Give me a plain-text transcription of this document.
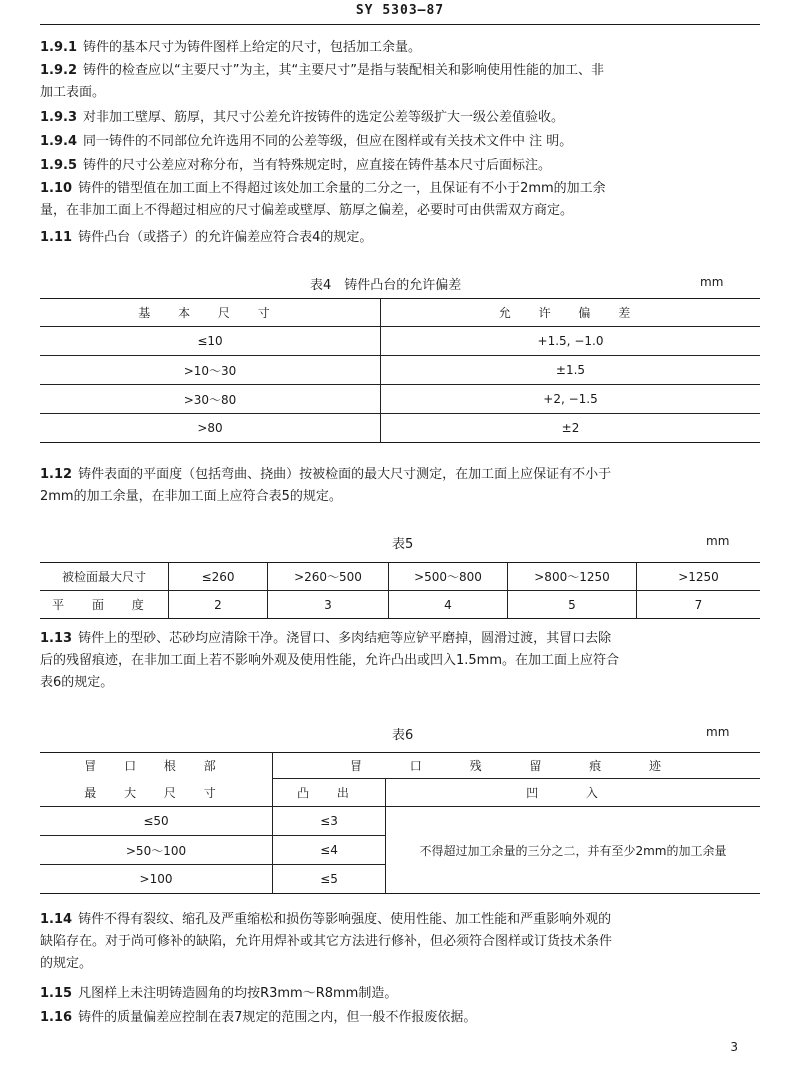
SY 5303—87
1.9.1 铸件的基本尺寸为铸件图样上给定的尺寸，包括加工余量。
1.9.2 铸件的检查应以“主要尺寸”为主，其“主要尺寸”是指与装配相关和影响使用性能的加工、非
加工表面。
1.9.3 对非加工壁厚、筋厚，其尺寸公差允许按铸件的选定公差等级扩大一级公差值验收。
1.9.4 同一铸件的不同部位允许选用不同的公差等级，但应在图样或有关技术文件中 注 明。
1.9.5 铸件的尺寸公差应对称分布，当有特殊规定时，应直接在铸件基本尺寸后面标注。
1.10 铸件的错型值在加工面上不得超过该处加工余量的二分之一，且保证有不小于2mm的加工余
量，在非加工面上不得超过相应的尺寸偏差或壁厚、筋厚之偏差，必要时可由供需双方商定。
1.11 铸件凸台（或搭子）的允许偏差应符合表4的规定。
表4　铸件凸台的允许偏差	mm
基 本 尺 寸	允 许 偏 差
≤10	+1.5, −1.0
>10～30	±1.5
>30～80	+2, −1.5
>80	±2
1.12 铸件表面的平面度（包括弯曲、挠曲）按被检面的最大尺寸测定，在加工面上应保证有不小于
2mm的加工余量，在非加工面上应符合表5的规定。
表5	mm
被检面最大尺寸	≤260	>260～500	>500～800	>800～1250	>1250
平 面 度	2	3	4	5	7
1.13 铸件上的型砂、芯砂均应清除干净。浇冒口、多肉结疤等应铲平磨掉，圆滑过渡，其冒口去除
后的残留痕迹，在非加工面上若不影响外观及使用性能，允许凸出或凹入1.5mm。在加工面上应符合
表6的规定。
表6	mm
冒 口 根 部	冒 口 残 留 痕 迹	
最 大 尺 寸	凸 出	凹 入
≤50	≤3	不得超过加工余量的三分之二，并有至少2mm的加工余量
>50～100	≤4	
>100	≤5	
1.14 铸件不得有裂纹、缩孔及严重缩松和损伤等影响强度、使用性能、加工性能和严重影响外观的
缺陷存在。对于尚可修补的缺陷，允许用焊补或其它方法进行修补，但必须符合图样或订货技术条件
的规定。
1.15 凡图样上未注明铸造圆角的均按R3mm～R8mm制造。
1.16 铸件的质量偏差应控制在表7规定的范围之内，但一般不作报废依据。
3
